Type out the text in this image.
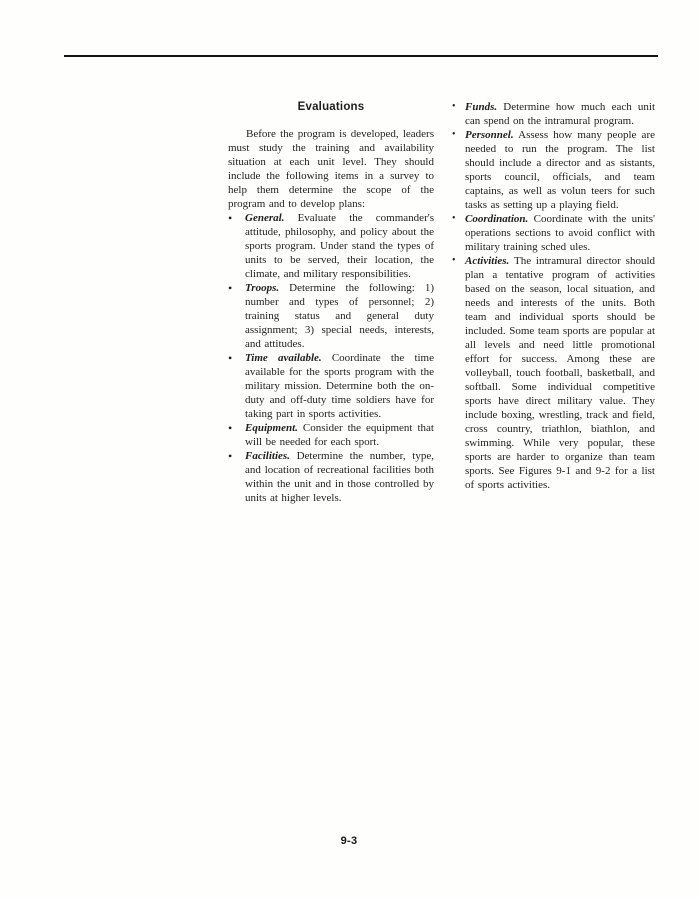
Evaluations

Before the program is developed, leaders must study the training and availability situation at each unit level. They should include the following items in a survey to help them determine the scope of the program and to develop plans:

•	General. Evaluate the commander's attitude, philosophy, and policy about the sports program. Under stand the types of units to be served, their location, the climate, and military responsibilities.

•	Troops. Determine the following: 1) number and types of personnel; 2) training status and general duty assignment; 3) special needs, interests, and attitudes.

•	Time available. Coordinate the time available for the sports program with the military mission. Determine both the on-duty and off-duty time soldiers have for taking part in sports activities.

•	Equipment. Consider the equipment that will be needed for each sport.

•	Facilities. Determine the number, type, and location of recreational facilities both within the unit and in those controlled by units at higher levels.

• Funds. Determine how much each unit can spend on the intramural program.

• Personnel. Assess how many people are needed to run the program. The list should include a director and as sistants, sports council, officials, and team captains, as well as volun teers for such tasks as setting up a playing field.

• Coordination. Coordinate with the units' operations sections to avoid conflict with military training sched ules.

• Activities. The intramural director should plan a tentative program of activities based on the season, local situation, and needs and interests of the units. Both team and individual sports should be included. Some team sports are popular at all levels and need little promotional effort for success. Among these are volleyball, touch football, basketball, and softball. Some individual competitive sports have direct military value. They include boxing, wrestling, track and field, cross country, triathlon, biathlon, and swimming. While very popular, these sports are harder to organize than team sports. See Figures 9-1 and 9-2 for a list of sports activities.

9-3
